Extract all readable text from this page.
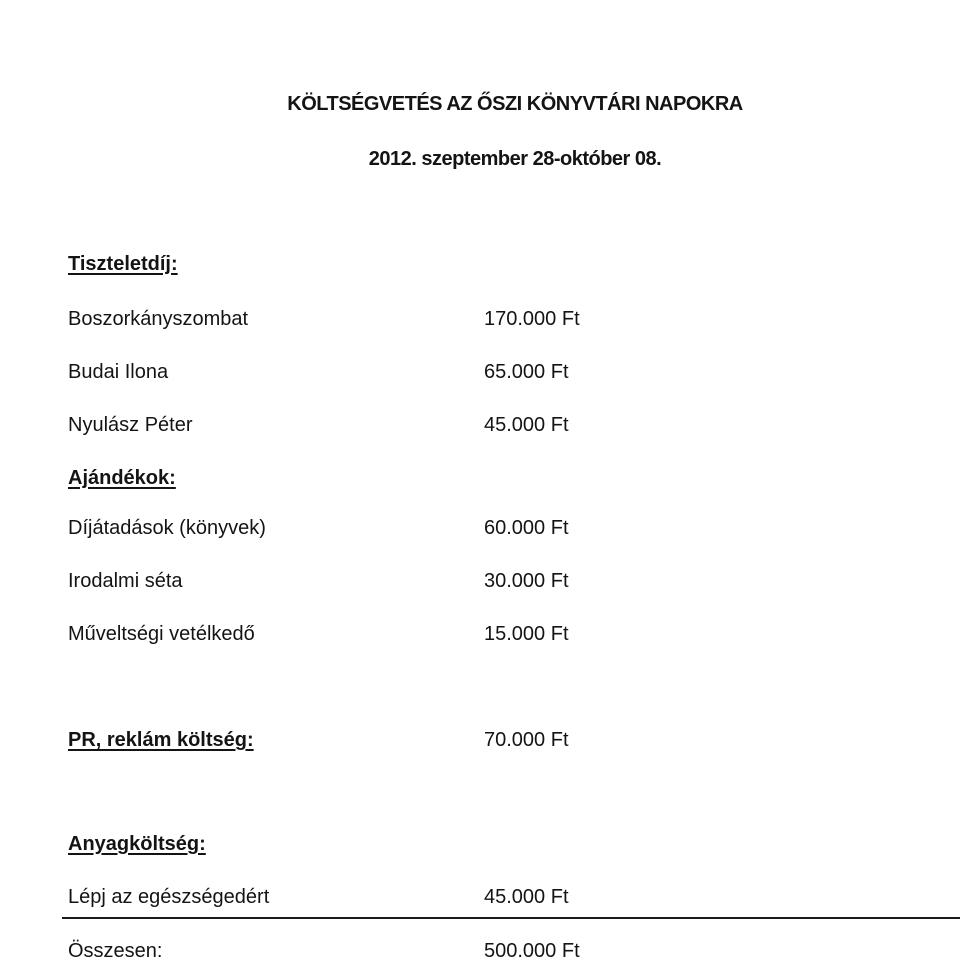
KÖLTSÉGVETÉS AZ ŐSZI KÖNYVTÁRI NAPOKRA
2012. szeptember 28-október 08.
Tiszteletdíj:
Boszorkányszombat	170.000 Ft
Budai Ilona	65.000 Ft
Nyulász Péter	45.000 Ft
Ajándékok:
Díjátadások (könyvek)	60.000 Ft
Irodalmi séta	30.000 Ft
Műveltségi vetélkedő	15.000 Ft
PR, reklám költség:	70.000 Ft
Anyagköltség:
Lépj az egészségedért	45.000 Ft
Összesen:	500.000 Ft
